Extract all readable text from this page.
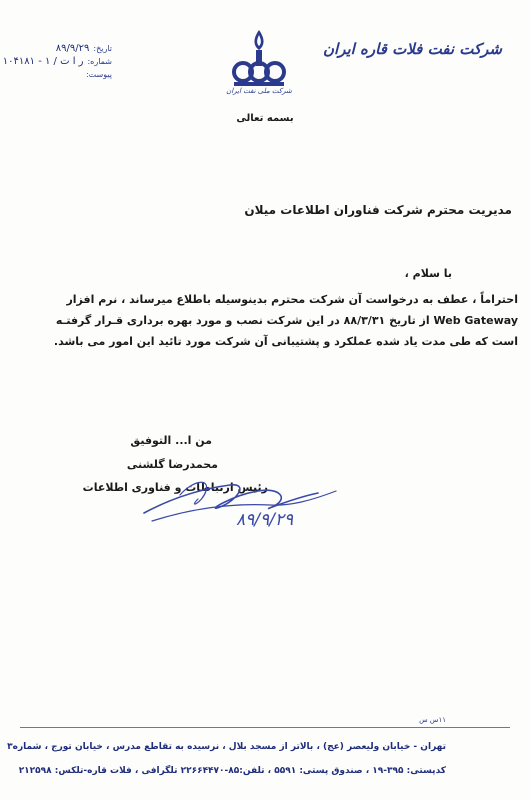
شرکت نفت فلات قاره ایران
شرکت ملی نفت ایران
تاریخ:
۸۹/۹/۲۹
شماره:
ر ا ت / ۱ - ۱۰۴۱۸۱
پیوست:
بسمه تعالی
مدیریت محترم شرکت فناوران اطلاعات میلان
با سلام ،
احتراماً ، عطف به درخواست آن شرکت محترم بدینوسیله باطلاع میرساند ، نرم افزار
Web Gateway از تاریخ ۸۸/۳/۳۱ در این شرکت نصب و مورد بهره برداری قـرار گرفتـه
است که طی مدت یاد شده عملکرد و پشتیبانی آن شرکت مورد تائید این امور می باشد.
من ا... التوفیق
محمدرضا گلشنی
رئیس ارتباطات و فناوری اطلاعات
۸۹/۹/۲۹
۱۱س س
تهران - خیابان ولیعصر (عج) ، بالاتر از مسجد بلال ، نرسیده به تقاطع مدرس ، خیابان تورج ، شماره۳
کدپستی: ۳۹۵-۱۹ ، صندوق پستی: ۵۵۹۱ ، تلفن:۸۵-۲۲۶۶۴۴۷۰ تلگرافی ، فلات قاره-تلکس: ۲۱۲۵۹۸
